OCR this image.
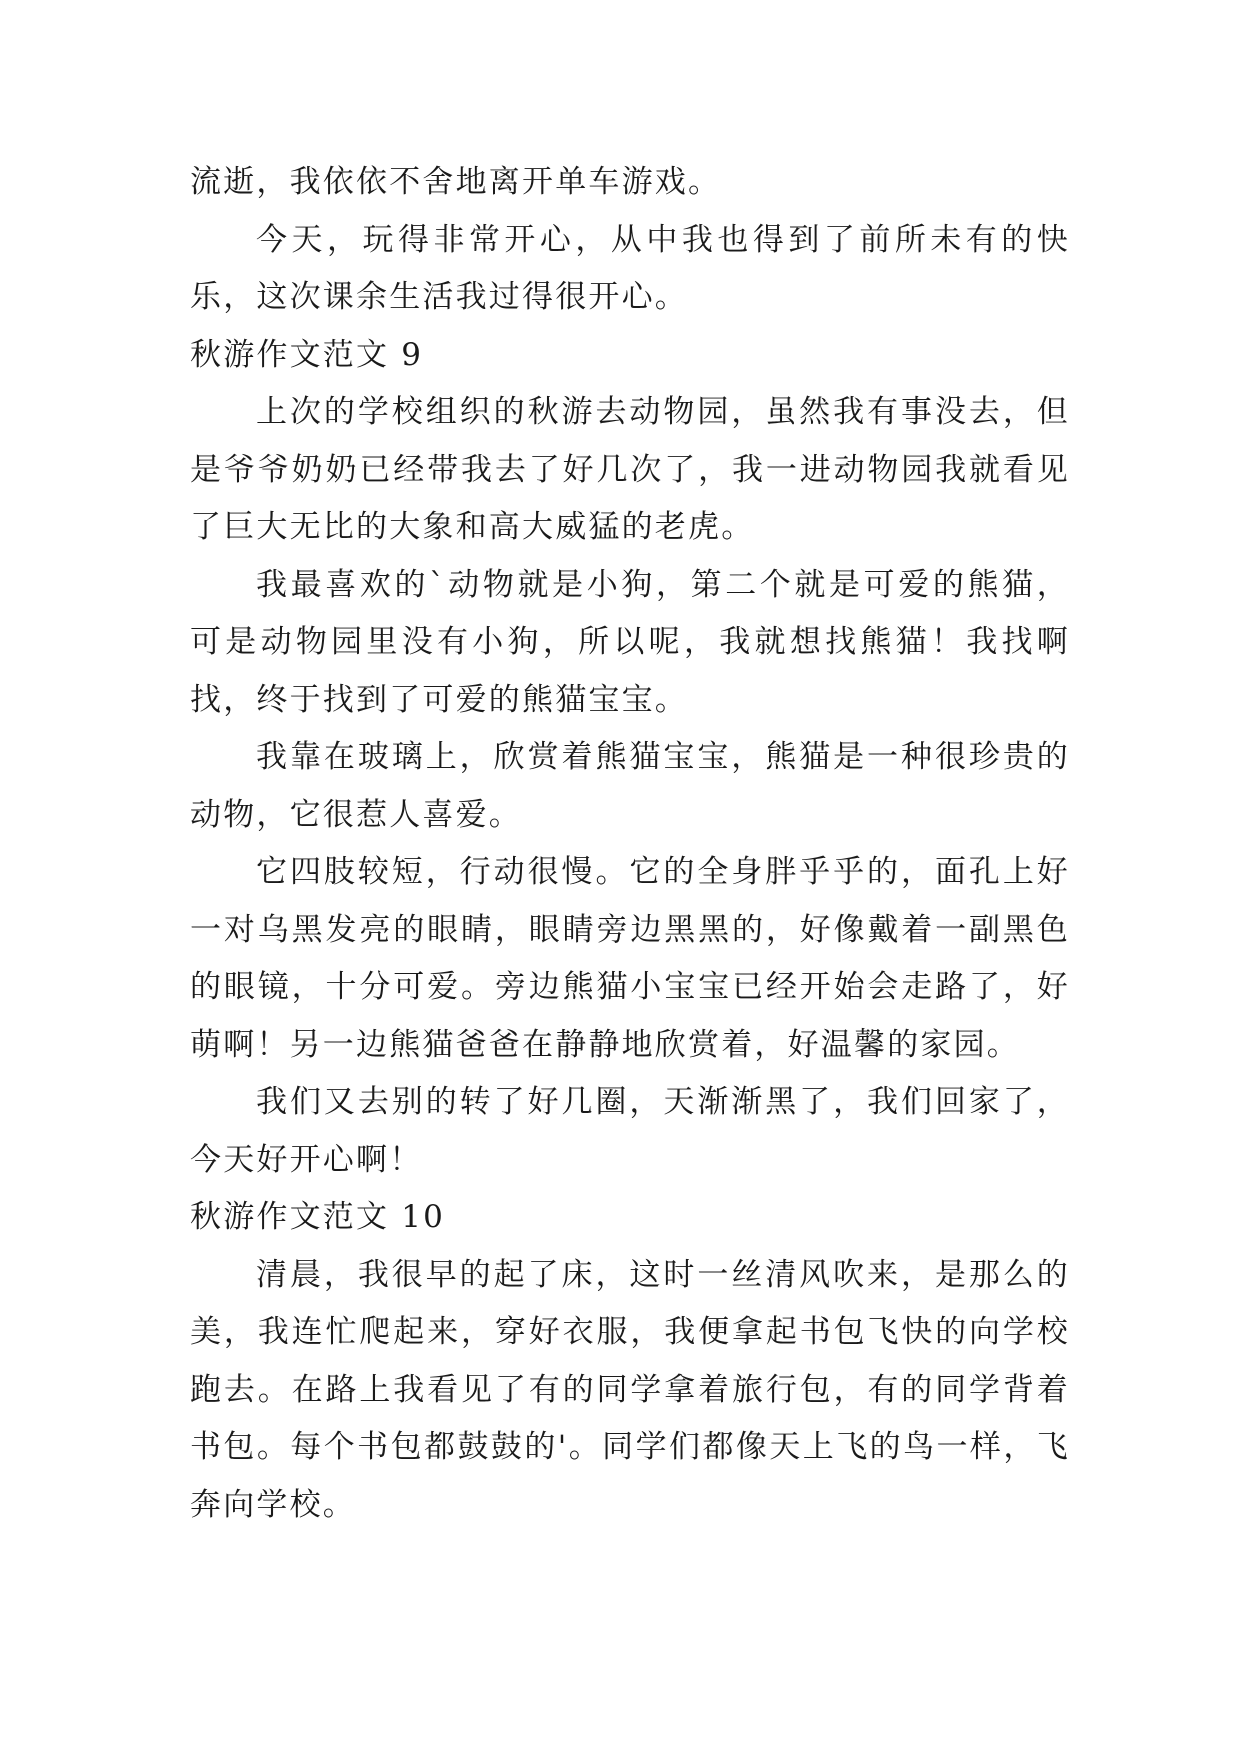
流逝，我依依不舍地离开单车游戏。

今天，玩得非常开心，从中我也得到了前所未有的快乐，这次课余生活我过得很开心。

秋游作文范文 9

上次的学校组织的秋游去动物园，虽然我有事没去，但是爷爷奶奶已经带我去了好几次了，我一进动物园我就看见了巨大无比的大象和高大威猛的老虎。

我最喜欢的`动物就是小狗，第二个就是可爱的熊猫，可是动物园里没有小狗，所以呢，我就想找熊猫！我找啊找，终于找到了可爱的熊猫宝宝。

我靠在玻璃上，欣赏着熊猫宝宝，熊猫是一种很珍贵的动物，它很惹人喜爱。

它四肢较短，行动很慢。它的全身胖乎乎的，面孔上好一对乌黑发亮的眼睛，眼睛旁边黑黑的，好像戴着一副黑色的眼镜，十分可爱。旁边熊猫小宝宝已经开始会走路了，好萌啊！另一边熊猫爸爸在静静地欣赏着，好温馨的家园。

我们又去别的转了好几圈，天渐渐黑了，我们回家了，今天好开心啊！

秋游作文范文 10

清晨，我很早的起了床，这时一丝清风吹来，是那么的美，我连忙爬起来，穿好衣服，我便拿起书包飞快的向学校跑去。在路上我看见了有的同学拿着旅行包，有的同学背着书包。每个书包都鼓鼓的'。同学们都像天上飞的鸟一样，飞奔向学校。
